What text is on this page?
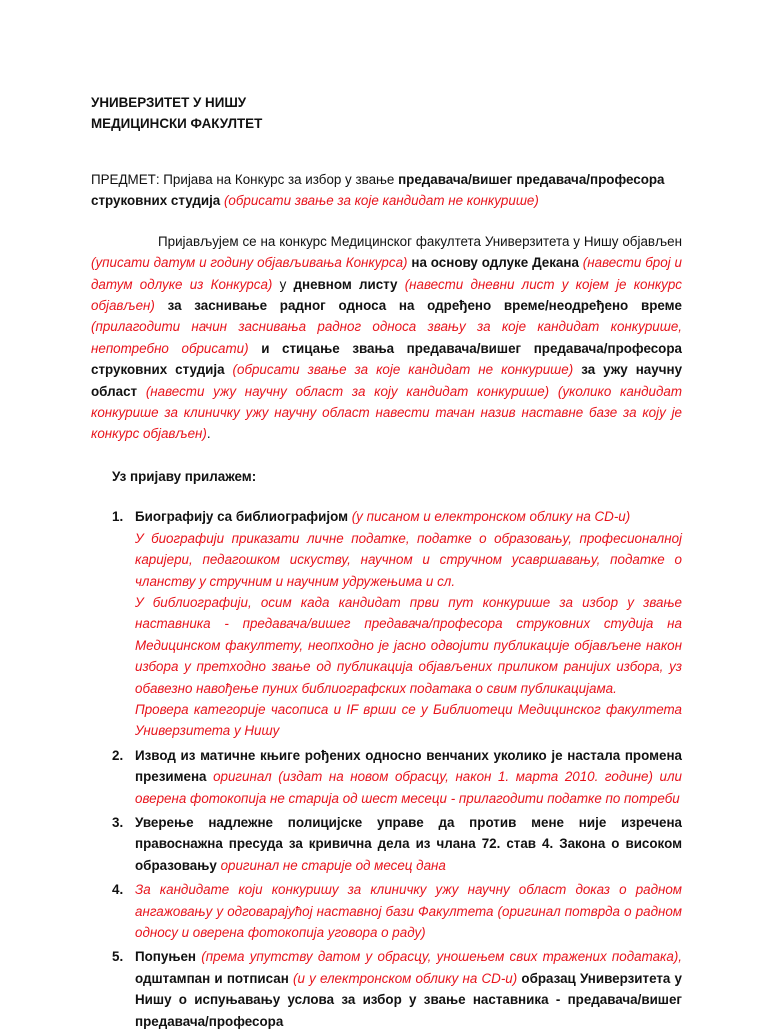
УНИВЕРЗИТЕТ У НИШУ
МЕДИЦИНСКИ ФАКУЛТЕТ
ПРЕДМЕТ: Пријава на Конкурс за избор у звање предавача/вишег предавача/професора струковних студија (обрисати звање за које кандидат не конкурише)
Пријављујем се на конкурс Медицинског факултета Универзитета у Нишу објављен (уписати датум и годину објављивања Конкурса) на основу одлуке Декана (навести број и датум одлуке из Конкурса) у дневном листу (навести дневни лист у којем је конкурс објављен) за заснивање радног односа на одређено време/неодређено време (прилагодити начин заснивања радног односа звању за које кандидат конкурише, непотребно обрисати) и стицање звања предавача/вишег предавача/професора струковних студија (обрисати звање за које кандидат не конкурише) за ужу научну област (навести ужу научну област за коју кандидат конкурише) (уколико кандидат конкурише за клиничку ужу научну област навести тачан назив наставне базе за коју је конкурс објављен).
Уз пријаву прилажем:
1. Биографију са библиографијом (у писаном и електронском облику на CD-u)
У биографији приказати личне податке, податке о образовању, професионалној каријери, педагошком искуству, научном и стручном усавршавању, податке о чланству у стручним и научним удружењима и сл.
У библиографији, осим када кандидат први пут конкурише за избор у звање наставника - предавача/вишег предавача/професора струковних студија на Медицинском факултету, неопходно је јасно одвојити публикације објављене након избора у претходно звање од публикација објављених приликом ранијих избора, уз обавезно навођење пуних библиографских података о свим публикацијама.
Провера категорије часописа и IF врши се у Библиотеци Медицинског факултета Универзитета у Нишу
2. Извод из матичне књиге рођених односно венчаних уколико је настала промена презимена оригинал (издат на новом обрасцу, након 1. марта 2010. године) или оверена фотокопија не старија од шест месеци - прилагодити податке по потреби
3. Уверење надлежне полицијске управе да против мене није изречена правоснажна пресуда за кривична дела из члана 72. став 4. Закона о високом образовању оригинал не старије од месец дана
4. За кандидате који конкуришу за клиничку ужу научну област доказ о радном ангажовању у одговарајућој наставној бази Факултета (оригинал потврда о радном односу и оверена фотокопија уговора о раду)
5. Попуњен (према упутству датом у обрасцу, уношењем свих тражених података), одштампан и потписан (и у електронском облику на CD-u) образац Универзитета у Нишу о испуњавању услова за избор у звање наставника - предавача/вишег предавача/професора
